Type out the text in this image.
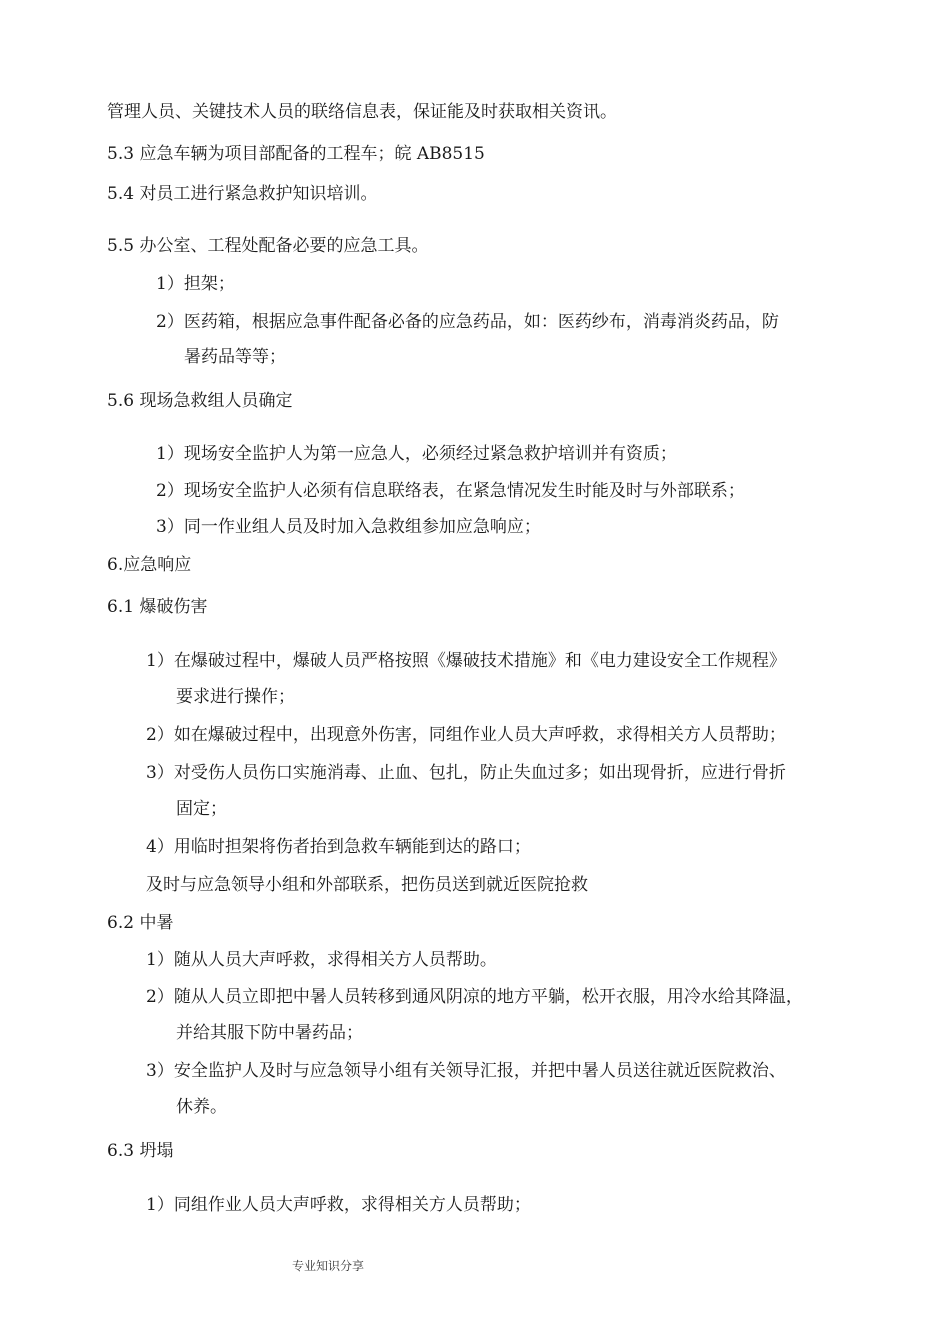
管理人员、关键技术人员的联络信息表，保证能及时获取相关资讯。
5.3 应急车辆为项目部配备的工程车；皖 AB8515
5.4 对员工进行紧急救护知识培训。
5.5 办公室、工程处配备必要的应急工具。
1）担架；
2）医药箱，根据应急事件配备必备的应急药品，如：医药纱布，消毒消炎药品，防
暑药品等等；
5.6 现场急救组人员确定
1）现场安全监护人为第一应急人，必须经过紧急救护培训并有资质；
2）现场安全监护人必须有信息联络表，在紧急情况发生时能及时与外部联系；
3）同一作业组人员及时加入急救组参加应急响应；
6.应急响应
6.1 爆破伤害
1）在爆破过程中，爆破人员严格按照《爆破技术措施》和《电力建设安全工作规程》
要求进行操作；
2）如在爆破过程中，出现意外伤害，同组作业人员大声呼救，求得相关方人员帮助；
3）对受伤人员伤口实施消毒、止血、包扎，防止失血过多；如出现骨折，应进行骨折
固定；
4）用临时担架将伤者抬到急救车辆能到达的路口；
及时与应急领导小组和外部联系，把伤员送到就近医院抢救
6.2 中暑
1）随从人员大声呼救，求得相关方人员帮助。
2）随从人员立即把中暑人员转移到通风阴凉的地方平躺，松开衣服，用冷水给其降温，
并给其服下防中暑药品；
3）安全监护人及时与应急领导小组有关领导汇报，并把中暑人员送往就近医院救治、
休养。
6.3 坍塌
1）同组作业人员大声呼救，求得相关方人员帮助；
专业知识分享
